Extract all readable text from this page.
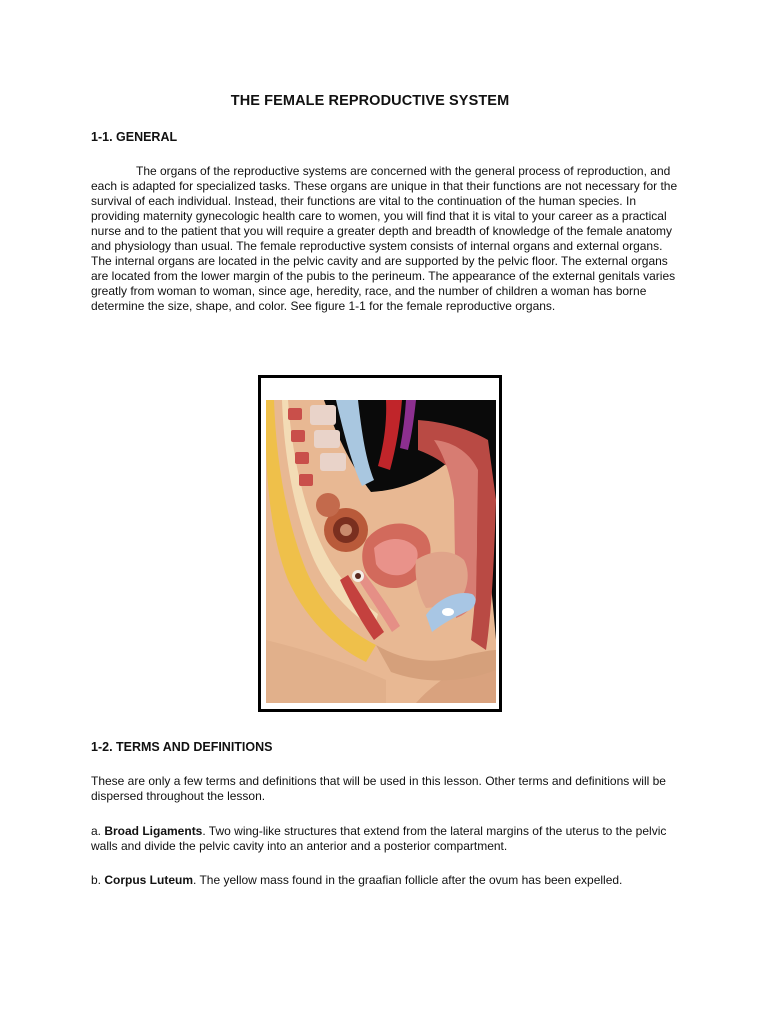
THE FEMALE REPRODUCTIVE SYSTEM
1-1. GENERAL

The organs of the reproductive systems are concerned with the general process of reproduction, and each is adapted for specialized tasks. These organs are unique in that their functions are not necessary for the survival of each individual. Instead, their functions are vital to the continuation of the human species. In providing maternity gynecologic health care to women, you will find that it is vital to your career as a practical nurse and to the patient that you will require a greater depth and breadth of knowledge of the female anatomy and physiology than usual. The female reproductive system consists of internal organs and external organs. The internal organs are located in the pelvic cavity and are supported by the pelvic floor. The external organs are located from the lower margin of the pubis to the perineum. The appearance of the external genitals varies greatly from woman to woman, since age, heredity, race, and the number of children a woman has borne determine the size, shape, and color. See figure 1-1 for the female reproductive organs.

1-2. TERMS AND DEFINITIONS

These are only a few terms and definitions that will be used in this lesson. Other terms and definitions will be dispersed throughout the lesson.

a. Broad Ligaments. Two wing-like structures that extend from the lateral margins of the uterus to the pelvic walls and divide the pelvic cavity into an anterior and a posterior compartment.

b. Corpus Luteum. The yellow mass found in the graafian follicle after the ovum has been expelled.
